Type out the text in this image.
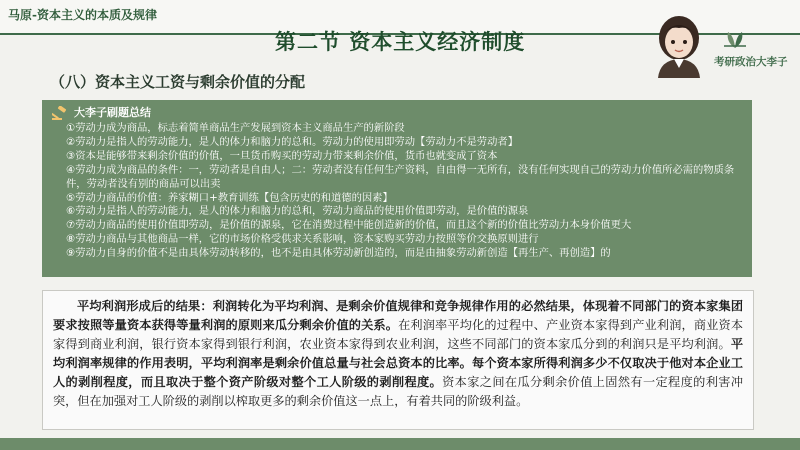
马原-资本主义的本质及规律
第二节 资本主义经济制度
考研政治大李子
（八）资本主义工资与剩余价值的分配
大李子刷题总结
①劳动力成为商品，标志着简单商品生产发展到资本主义商品生产的新阶段
②劳动力是指人的劳动能力，是人的体力和脑力的总和。劳动力的使用即劳动【劳动力不是劳动者】
③资本是能够带来剩余价值的价值，一旦货币购买的劳动力带来剩余价值，货币也就变成了资本
④劳动力成为商品的条件：一，劳动者是自由人；二：劳动者没有任何生产资料，自由得一无所有，没有任何实现自己的劳动力价值所必需的物质条件，劳动者没有别的商品可以出卖
⑤劳动力商品的价值：养家糊口+教育训练【包含历史的和道德的因素】
⑥劳动力是指人的劳动能力，是人的体力和脑力的总和，劳动力商品的使用价值即劳动，是价值的源泉
⑦劳动力商品的使用价值即劳动，是价值的源泉，它在消费过程中能创造新的价值，而且这个新的价值比劳动力本身价值更大
⑧劳动力商品与其他商品一样，它的市场价格受供求关系影响，资本家购买劳动力按照等价交换原则进行
⑨劳动力自身的价值不是由具体劳动转移的，也不是由具体劳动新创造的，而是由抽象劳动新创造【再生产、再创造】的
平均利润形成后的结果：利润转化为平均利润、是剩余价值规律和竞争规律作用的必然结果，体现着不同部门的资本家集团要求按照等量资本获得等量利润的原则来瓜分剩余价值的关系。在利润率平均化的过程中、产业资本家得到产业利润，商业资本家得到商业利润，银行资本家得到银行利润，农业资本家得到农业利润，这些不同部门的资本家瓜分到的利润只是平均利润。平均利润率规律的作用表明，平均利润率是剩余价值总量与社会总资本的比率。每个资本家所得利润多少不仅取决于他对本企业工人的剥削程度，而且取决于整个资产阶级对整个工人阶级的剥削程度。资本家之间在瓜分剩余价值上固然有一定程度的利害冲突，但在加强对工人阶级的剥削以榨取更多的剩余价值这一点上，有着共同的阶级利益。
